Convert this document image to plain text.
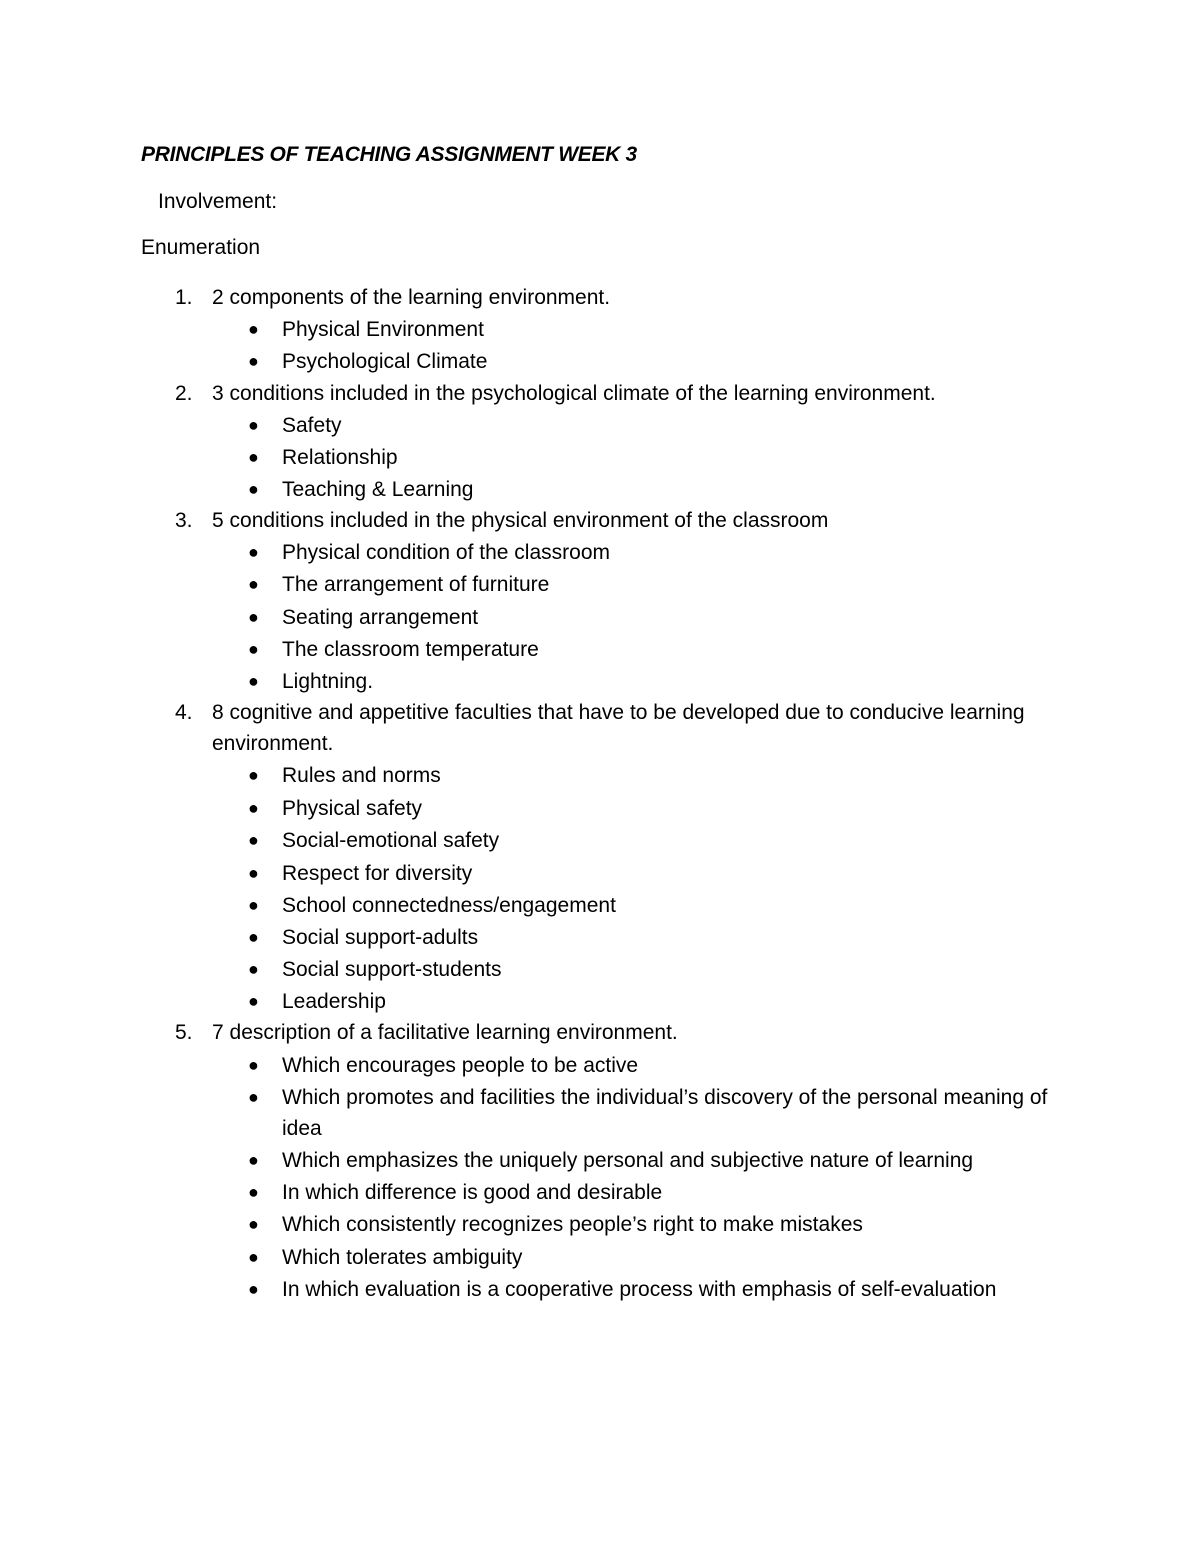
PRINCIPLES OF TEACHING ASSIGNMENT WEEK 3
Involvement:
Enumeration
1. 2 components of the learning environment.
●	Physical Environment
●	Psychological Climate
2. 3 conditions included in the psychological climate of the learning environment.
●	Safety
●	Relationship
●	Teaching & Learning
3. 5 conditions included in the physical environment of the classroom
●	Physical condition of the classroom
●	The arrangement of furniture
●	Seating arrangement
●	The classroom temperature
●	Lightning.
4. 8 cognitive and appetitive faculties that have to be developed due to conducive learning environment.
●	Rules and norms
●	Physical safety
●	Social-emotional safety
●	Respect for diversity
●	School connectedness/engagement
●	Social support-adults
●	Social support-students
●	Leadership
5. 7 description of a facilitative learning environment.
●	Which encourages people to be active
●	Which promotes and facilities the individual’s discovery of the personal meaning of idea
●	Which emphasizes the uniquely personal and subjective nature of learning
●	In which difference is good and desirable
●	Which consistently recognizes people’s right to make mistakes
●	Which tolerates ambiguity
●	In which evaluation is a cooperative process with emphasis of self-evaluation
